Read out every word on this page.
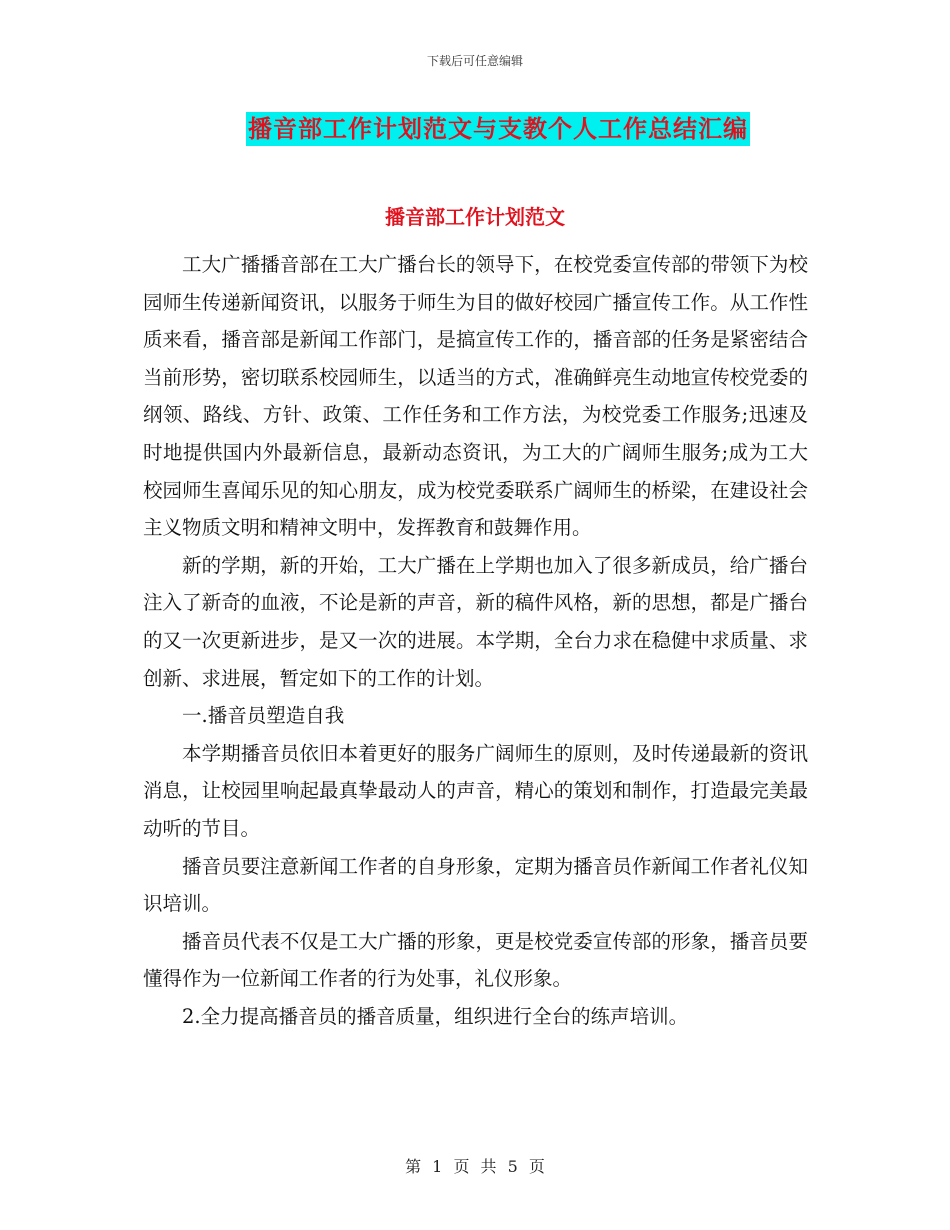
下载后可任意编辑
播音部工作计划范文与支教个人工作总结汇编
播音部工作计划范文

工大广播播音部在工大广播台长的领导下，在校党委宣传部的带领下为校园师生传递新闻资讯，以服务于师生为目的做好校园广播宣传工作。从工作性质来看，播音部是新闻工作部门，是搞宣传工作的，播音部的任务是紧密结合当前形势，密切联系校园师生，以适当的方式，准确鲜亮生动地宣传校党委的纲领、路线、方针、政策、工作任务和工作方法，为校党委工作服务;迅速及时地提供国内外最新信息，最新动态资讯，为工大的广阔师生服务;成为工大校园师生喜闻乐见的知心朋友，成为校党委联系广阔师生的桥梁，在建设社会主义物质文明和精神文明中，发挥教育和鼓舞作用。

新的学期，新的开始，工大广播在上学期也加入了很多新成员，给广播台注入了新奇的血液，不论是新的声音，新的稿件风格，新的思想，都是广播台的又一次更新进步，是又一次的进展。本学期，全台力求在稳健中求质量、求创新、求进展，暂定如下的工作的计划。

一.播音员塑造自我

本学期播音员依旧本着更好的服务广阔师生的原则，及时传递最新的资讯消息，让校园里响起最真挚最动人的声音，精心的策划和制作，打造最完美最动听的节目。

播音员要注意新闻工作者的自身形象，定期为播音员作新闻工作者礼仪知识培训。

播音员代表不仅是工大广播的形象，更是校党委宣传部的形象，播音员要懂得作为一位新闻工作者的行为处事，礼仪形象。

2.全力提高播音员的播音质量，组织进行全台的练声培训。

第 1 页 共 5 页
